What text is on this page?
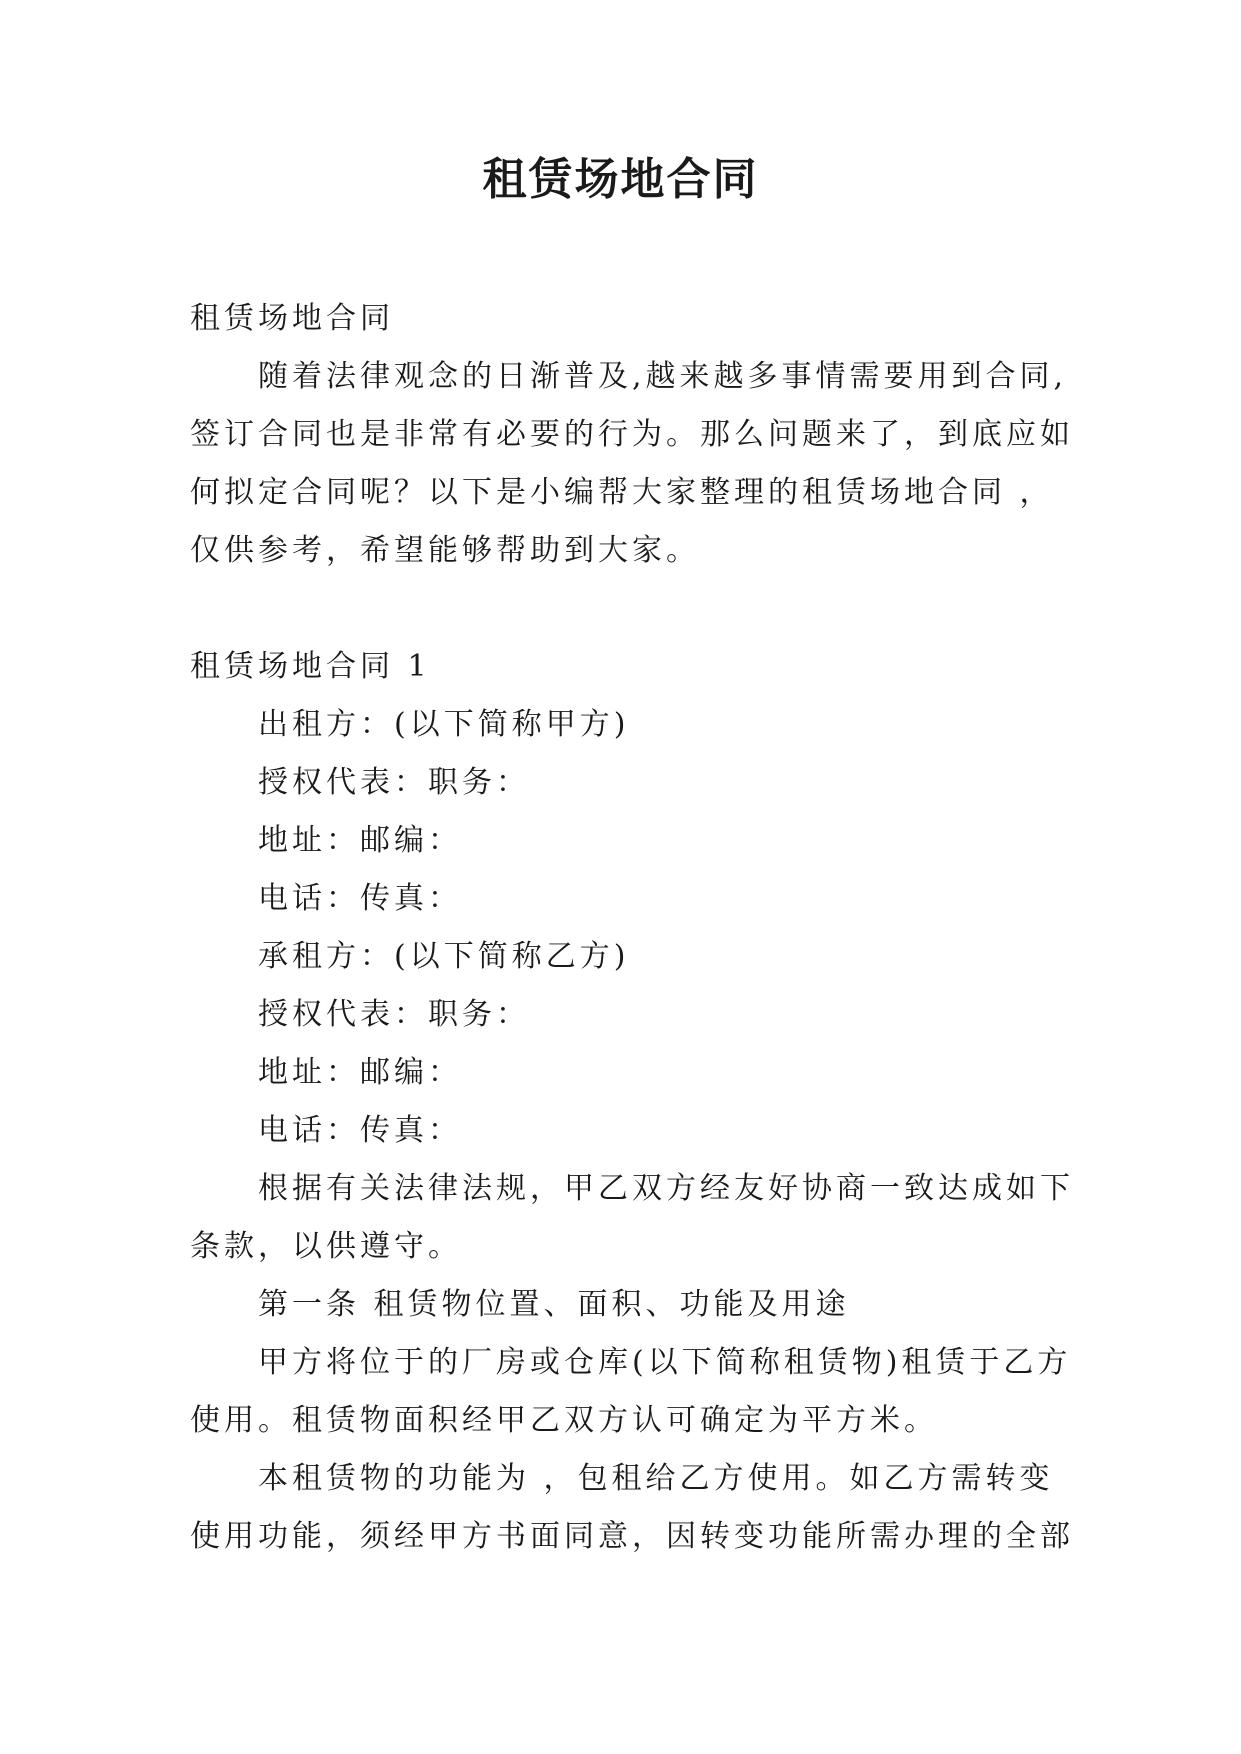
租赁场地合同

租赁场地合同

随着法律观念的日渐普及,越来越多事情需要用到合同,

签订合同也是非常有必要的行为。那么问题来了，到底应如

何拟定合同呢？以下是小编帮大家整理的租赁场地合同 ，

仅供参考，希望能够帮助到大家。

租赁场地合同 1

出租方：(以下简称甲方)

授权代表：职务：

地址：邮编：

电话：传真：

承租方：(以下简称乙方)

授权代表：职务：

地址：邮编：

电话：传真：

根据有关法律法规，甲乙双方经友好协商一致达成如下

条款，以供遵守。

第一条 租赁物位置、面积、功能及用途

甲方将位于的厂房或仓库(以下简称租赁物)租赁于乙方

使用。租赁物面积经甲乙双方认可确定为平方米。

本租赁物的功能为 ，包租给乙方使用。如乙方需转变

使用功能，须经甲方书面同意，因转变功能所需办理的全部
